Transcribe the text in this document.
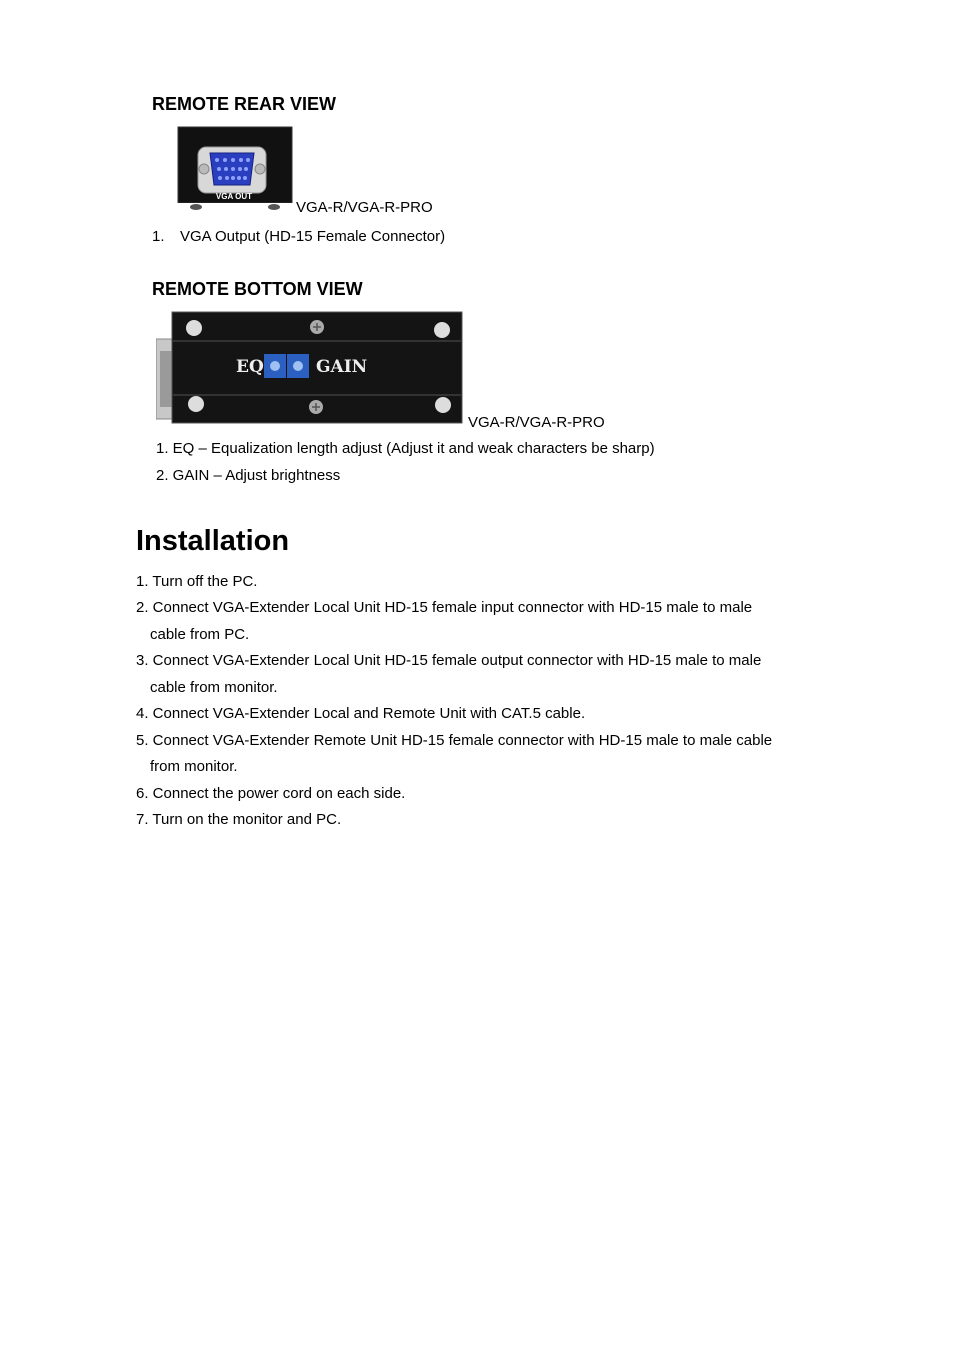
REMOTE REAR VIEW
VGA OUT
VGA-R/VGA-R-PRO
1. VGA Output (HD-15 Female Connector)
REMOTE BOTTOM VIEW
EQ	GAIN
VGA-R/VGA-R-PRO
1. EQ – Equalization length adjust (Adjust it and weak characters be sharp)
2. GAIN – Adjust brightness
Installation
1. Turn off the PC.
2. Connect VGA-Extender Local Unit HD-15 female input connector with HD-15 male to male
cable from PC.
3. Connect VGA-Extender Local Unit HD-15 female output connector with HD-15 male to male
cable from monitor.
4. Connect VGA-Extender Local and Remote Unit with CAT.5 cable.
5. Connect VGA-Extender Remote Unit HD-15 female connector with HD-15 male to male cable
from monitor.
6. Connect the power cord on each side.
7. Turn on the monitor and PC.
